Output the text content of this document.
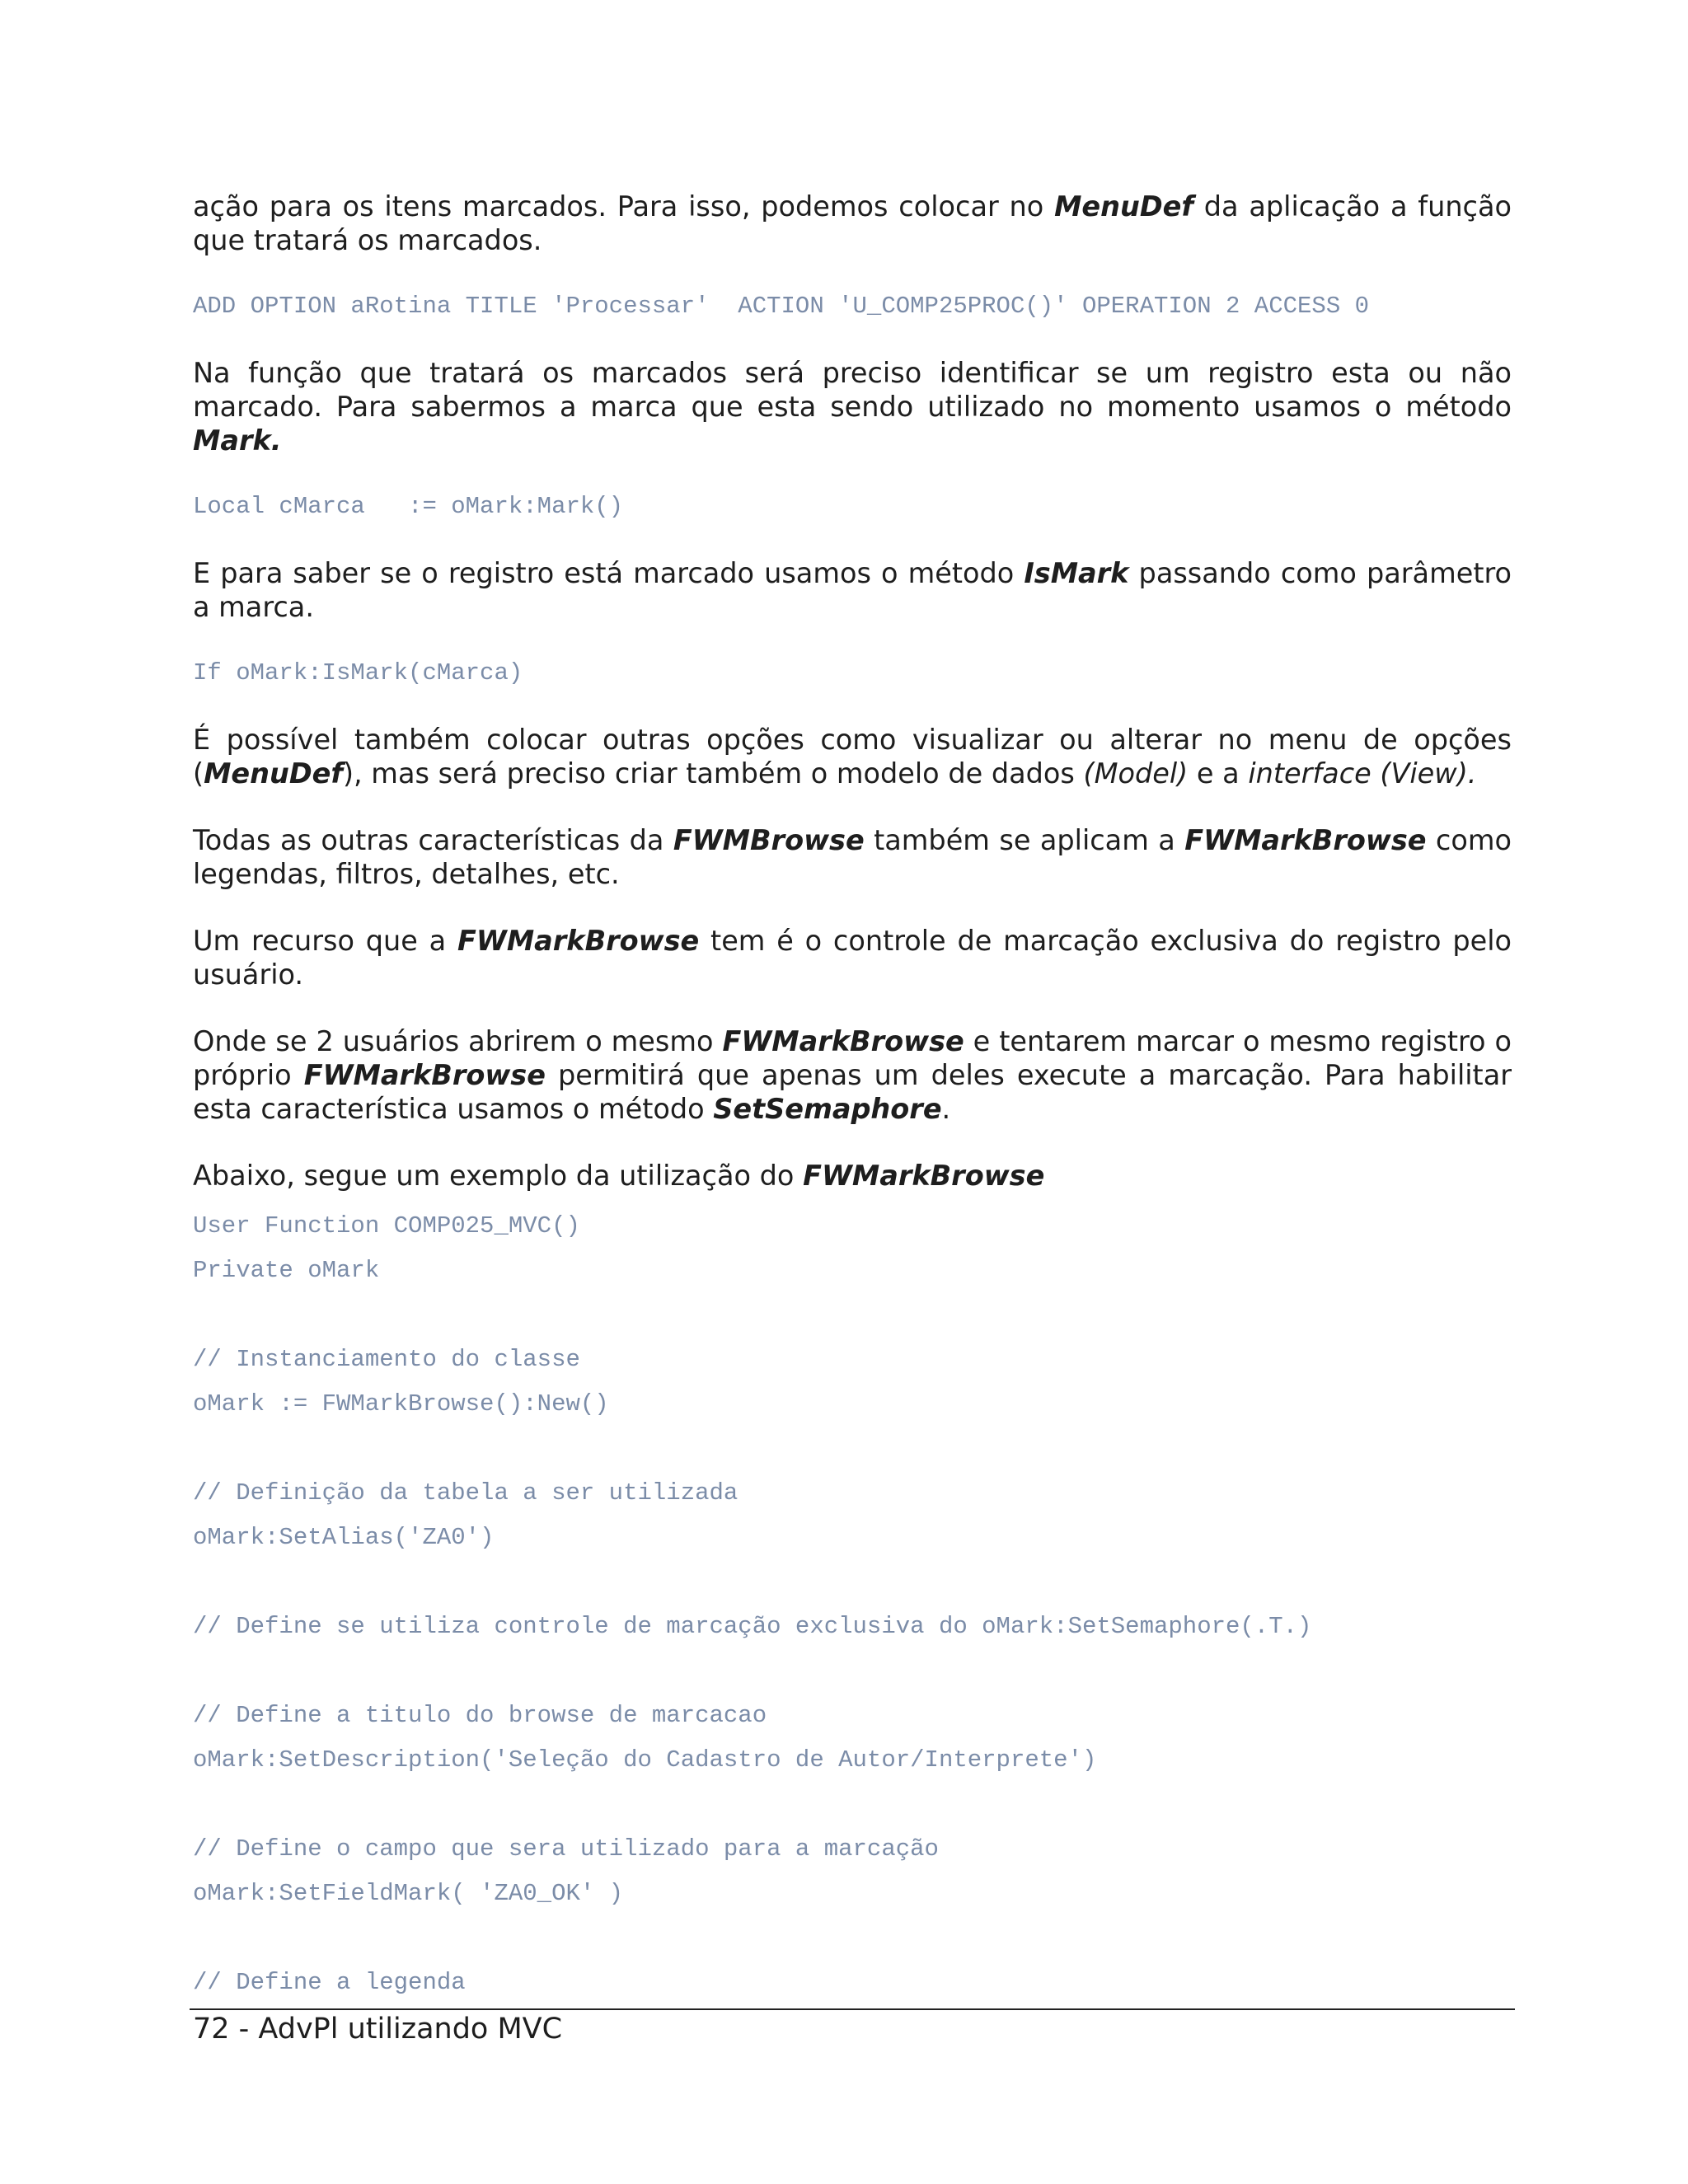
ação para os itens marcados. Para isso, podemos colocar no MenuDef da aplicação a função que tratará os marcados.

ADD OPTION aRotina TITLE 'Processar'  ACTION 'U_COMP25PROC()' OPERATION 2 ACCESS 0

Na função que tratará os marcados será preciso identificar se um registro esta ou não marcado. Para sabermos a marca que esta sendo utilizado no momento usamos o método Mark.

Local cMarca   := oMark:Mark()

E para saber se o registro está marcado usamos o método IsMark passando como parâmetro a marca.

If oMark:IsMark(cMarca)

É possível também colocar outras opções como visualizar ou alterar no menu de opções (MenuDef), mas será preciso criar também o modelo de dados (Model) e a interface (View).

Todas as outras características da FWMBrowse também se aplicam a FWMarkBrowse como legendas, filtros, detalhes, etc.

Um recurso que a FWMarkBrowse tem é o controle de marcação exclusiva do registro pelo usuário.

Onde se 2 usuários abrirem o mesmo FWMarkBrowse e tentarem marcar o mesmo registro o próprio FWMarkBrowse permitirá que apenas um deles execute a marcação. Para habilitar esta característica usamos o método SetSemaphore.

Abaixo, segue um exemplo da utilização do FWMarkBrowse

User Function COMP025_MVC()

Private oMark

// Instanciamento do classe

oMark := FWMarkBrowse():New()

// Definição da tabela a ser utilizada

oMark:SetAlias('ZA0')

// Define se utiliza controle de marcação exclusiva do oMark:SetSemaphore(.T.)

// Define a titulo do browse de marcacao

oMark:SetDescription('Seleção do Cadastro de Autor/Interprete')

// Define o campo que sera utilizado para a marcação

oMark:SetFieldMark( 'ZA0_OK' )

// Define a legenda

72 - AdvPl utilizando MVC
